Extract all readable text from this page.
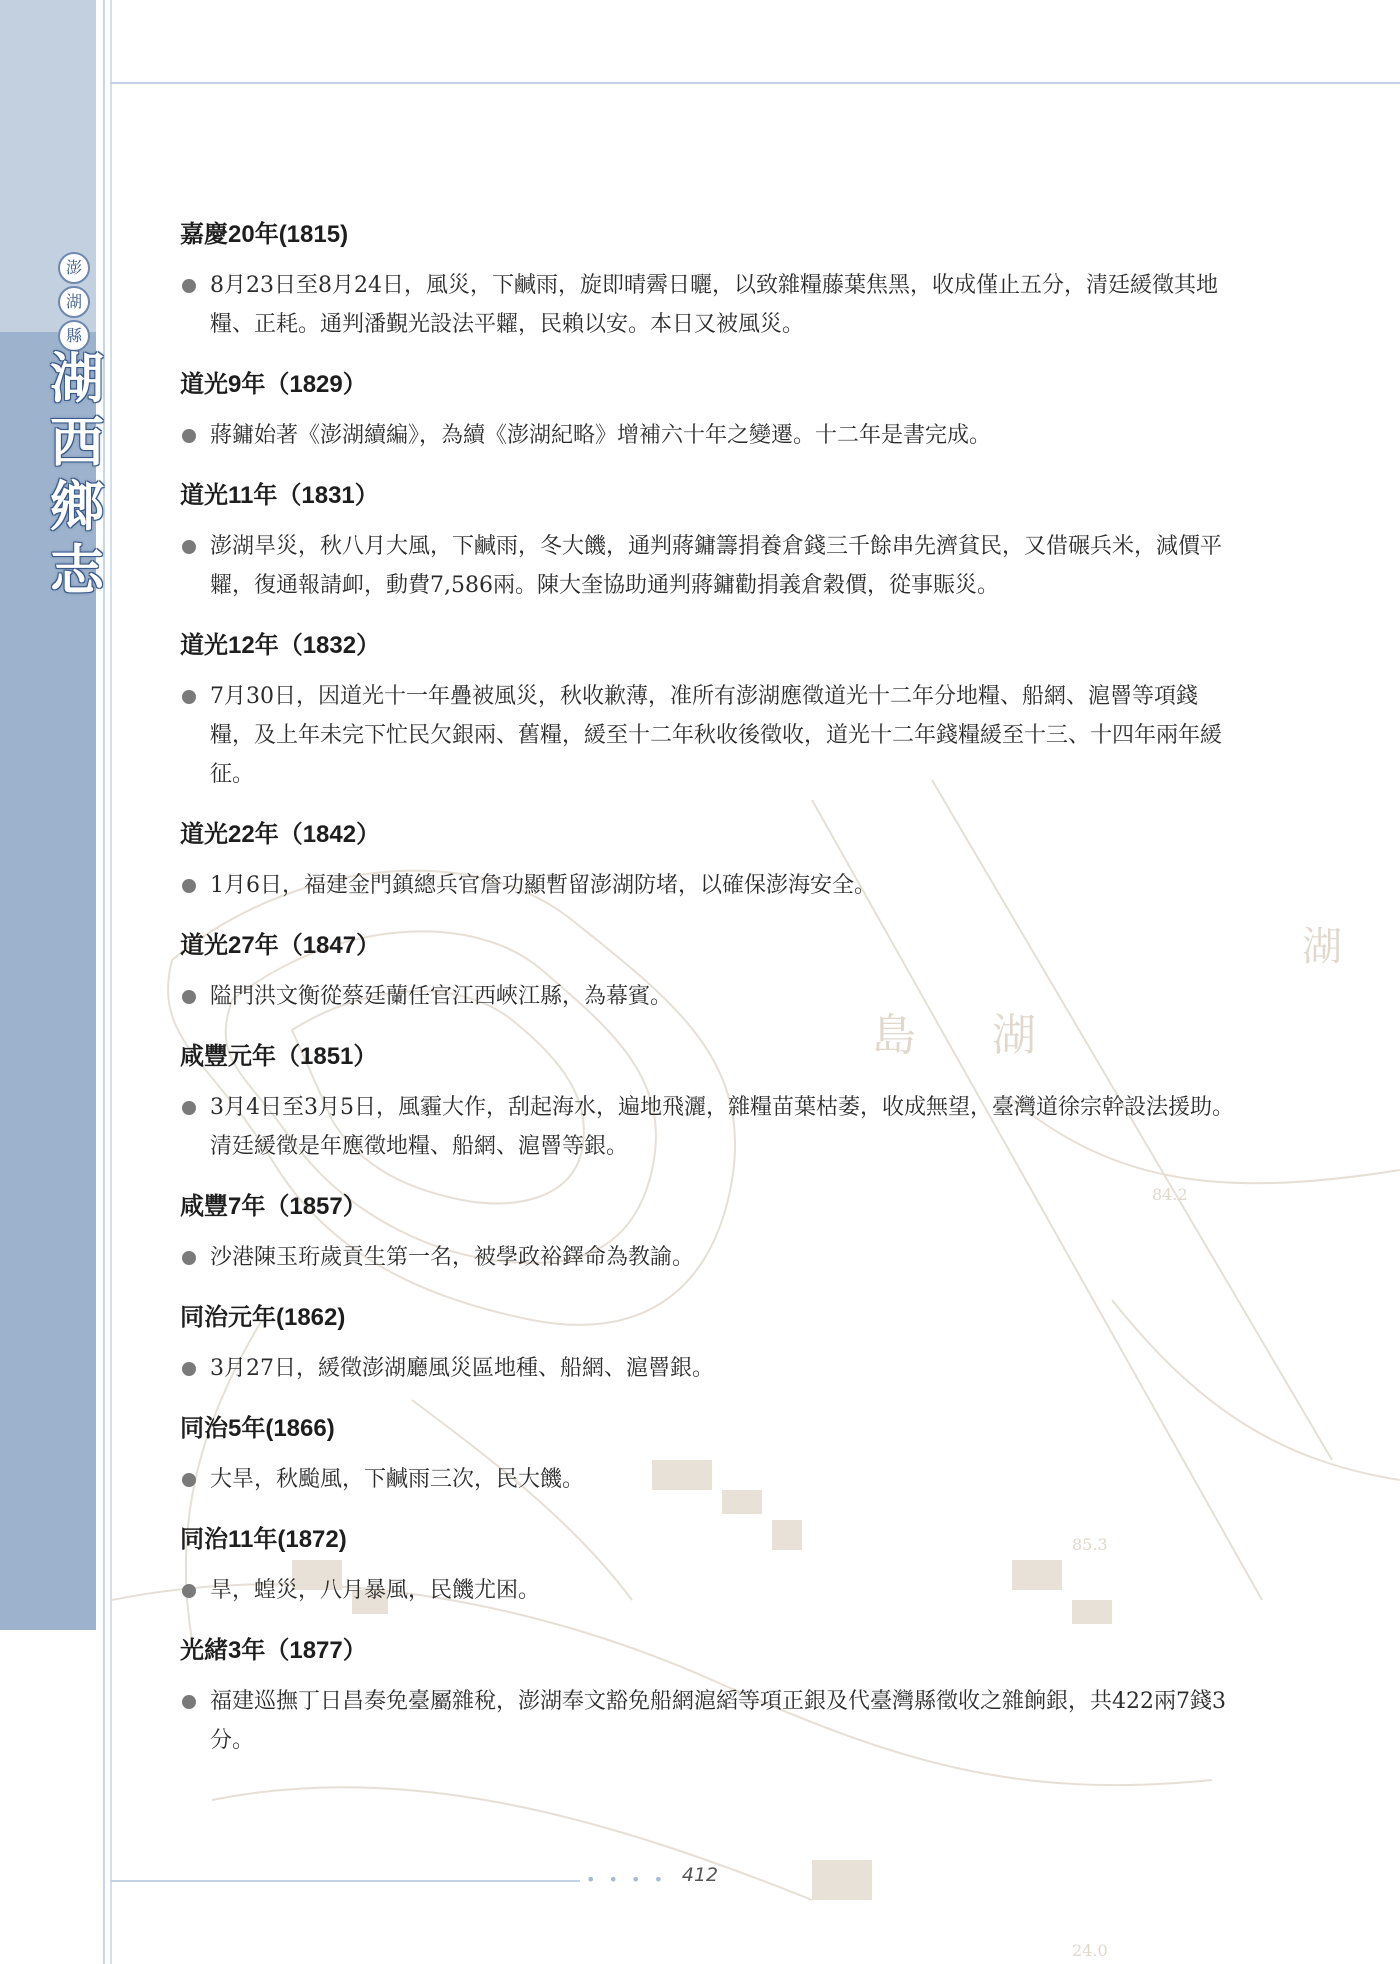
島 湖
湖
84.2
85.3
24.0
• • • • 412
澎
湖
縣
湖
西
鄉
志
嘉慶20年(1815)
8月23日至8月24日，風災，下鹹雨，旋即晴霽日曬，以致雜糧藤葉焦黑，收成僅止五分，清廷緩徵其地糧、正耗。通判潘覲光設法平糶，民賴以安。本日又被風災。
道光9年（1829）
蔣鏞始著《澎湖續編》，為續《澎湖紀略》增補六十年之變遷。十二年是書完成。
道光11年（1831）
澎湖旱災，秋八月大風，下鹹雨，冬大饑，通判蔣鏞籌捐養倉錢三千餘串先濟貧民，又借碾兵米，減價平糶，復通報請卹，動費7,586兩。陳大奎協助通判蔣鏞勸捐義倉穀價，從事賑災。
道光12年（1832）
7月30日，因道光十一年疊被風災，秋收歉薄，准所有澎湖應徵道光十二年分地糧、船網、滬罾等項錢糧，及上年未完下忙民欠銀兩、舊糧，緩至十二年秋收後徵收，道光十二年錢糧緩至十三、十四年兩年緩征。
道光22年（1842）
1月6日，福建金門鎮總兵官詹功顯暫留澎湖防堵，以確保澎海安全。
道光27年（1847）
隘門洪文衡從蔡廷蘭任官江西峽江縣，為幕賓。
咸豐元年（1851）
3月4日至3月5日，風霾大作，刮起海水，遍地飛灑，雜糧苗葉枯萎，收成無望，臺灣道徐宗幹設法援助。清廷緩徵是年應徵地糧、船網、滬罾等銀。
咸豐7年（1857）
沙港陳玉珩歲貢生第一名，被學政裕鐸命為教諭。
同治元年(1862)
3月27日，緩徵澎湖廳風災區地種、船網、滬罾銀。
同治5年(1866)
大旱，秋颱風，下鹹雨三次，民大饑。
同治11年(1872)
旱，蝗災，八月暴風，民饑尤困。
光緒3年（1877）
福建巡撫丁日昌奏免臺屬雜稅，澎湖奉文豁免船網滬縚等項正銀及代臺灣縣徵收之雜餉銀，共422兩7錢3分。
